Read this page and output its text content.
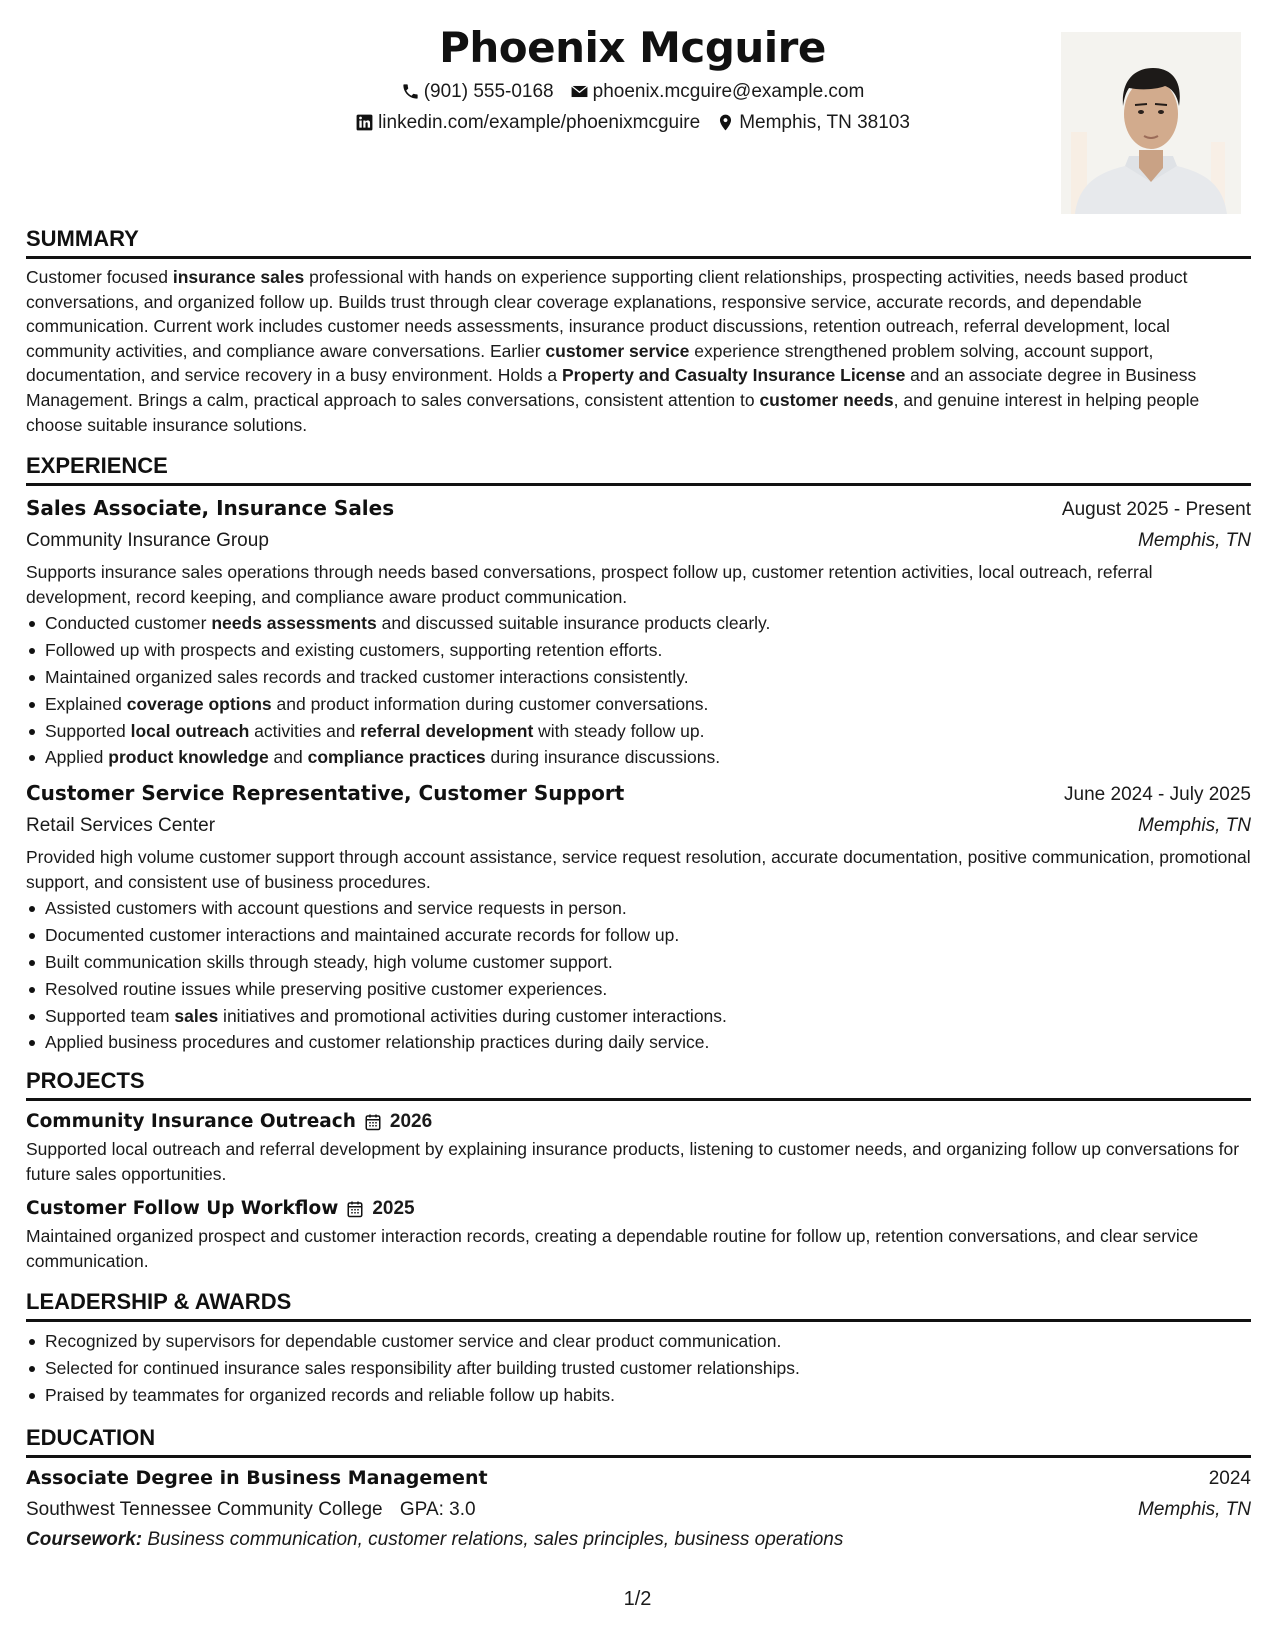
Phoenix Mcguire
(901) 555-0168 phoenix.mcguire@example.com
linkedin.com/example/phoenixmcguire Memphis, TN 38103
SUMMARY

Customer focused insurance sales professional with hands on experience supporting client relationships, prospecting activities, needs based product conversations, and organized follow up. Builds trust through clear coverage explanations, responsive service, accurate records, and dependable communication. Current work includes customer needs assessments, insurance product discussions, retention outreach, referral development, local community activities, and compliance aware conversations. Earlier customer service experience strengthened problem solving, account support, documentation, and service recovery in a busy environment. Holds a Property and Casualty Insurance License and an associate degree in Business Management. Brings a calm, practical approach to sales conversations, consistent attention to customer needs, and genuine interest in helping people choose suitable insurance solutions.

EXPERIENCE
Sales Associate, Insurance Sales	August 2025 - Present
Community Insurance Group	Memphis, TN

Supports insurance sales operations through needs based conversations, prospect follow up, customer retention activities, local outreach, referral development, record keeping, and compliance aware product communication.

Conducted customer needs assessments and discussed suitable insurance products clearly.
Followed up with prospects and existing customers, supporting retention efforts.
Maintained organized sales records and tracked customer interactions consistently.
Explained coverage options and product information during customer conversations.
Supported local outreach activities and referral development with steady follow up.
Applied product knowledge and compliance practices during insurance discussions.
Customer Service Representative, Customer Support	June 2024 - July 2025
Retail Services Center	Memphis, TN

Provided high volume customer support through account assistance, service request resolution, accurate documentation, positive communication, promotional support, and consistent use of business procedures.

Assisted customers with account questions and service requests in person.
Documented customer interactions and maintained accurate records for follow up.
Built communication skills through steady, high volume customer support.
Resolved routine issues while preserving positive customer experiences.
Supported team sales initiatives and promotional activities during customer interactions.
Applied business procedures and customer relationship practices during daily service.
PROJECTS
Community Insurance Outreach 2026

Supported local outreach and referral development by explaining insurance products, listening to customer needs, and organizing follow up conversations for future sales opportunities.

Customer Follow Up Workflow 2025

Maintained organized prospect and customer interaction records, creating a dependable routine for follow up, retention conversations, and clear service communication.

LEADERSHIP & AWARDS
Recognized by supervisors for dependable customer service and clear product communication.
Selected for continued insurance sales responsibility after building trusted customer relationships.
Praised by teammates for organized records and reliable follow up habits.
EDUCATION
Associate Degree in Business Management	2024
Southwest Tennessee Community College GPA: 3.0	Memphis, TN
Coursework: Business communication, customer relations, sales principles, business operations
1/2
